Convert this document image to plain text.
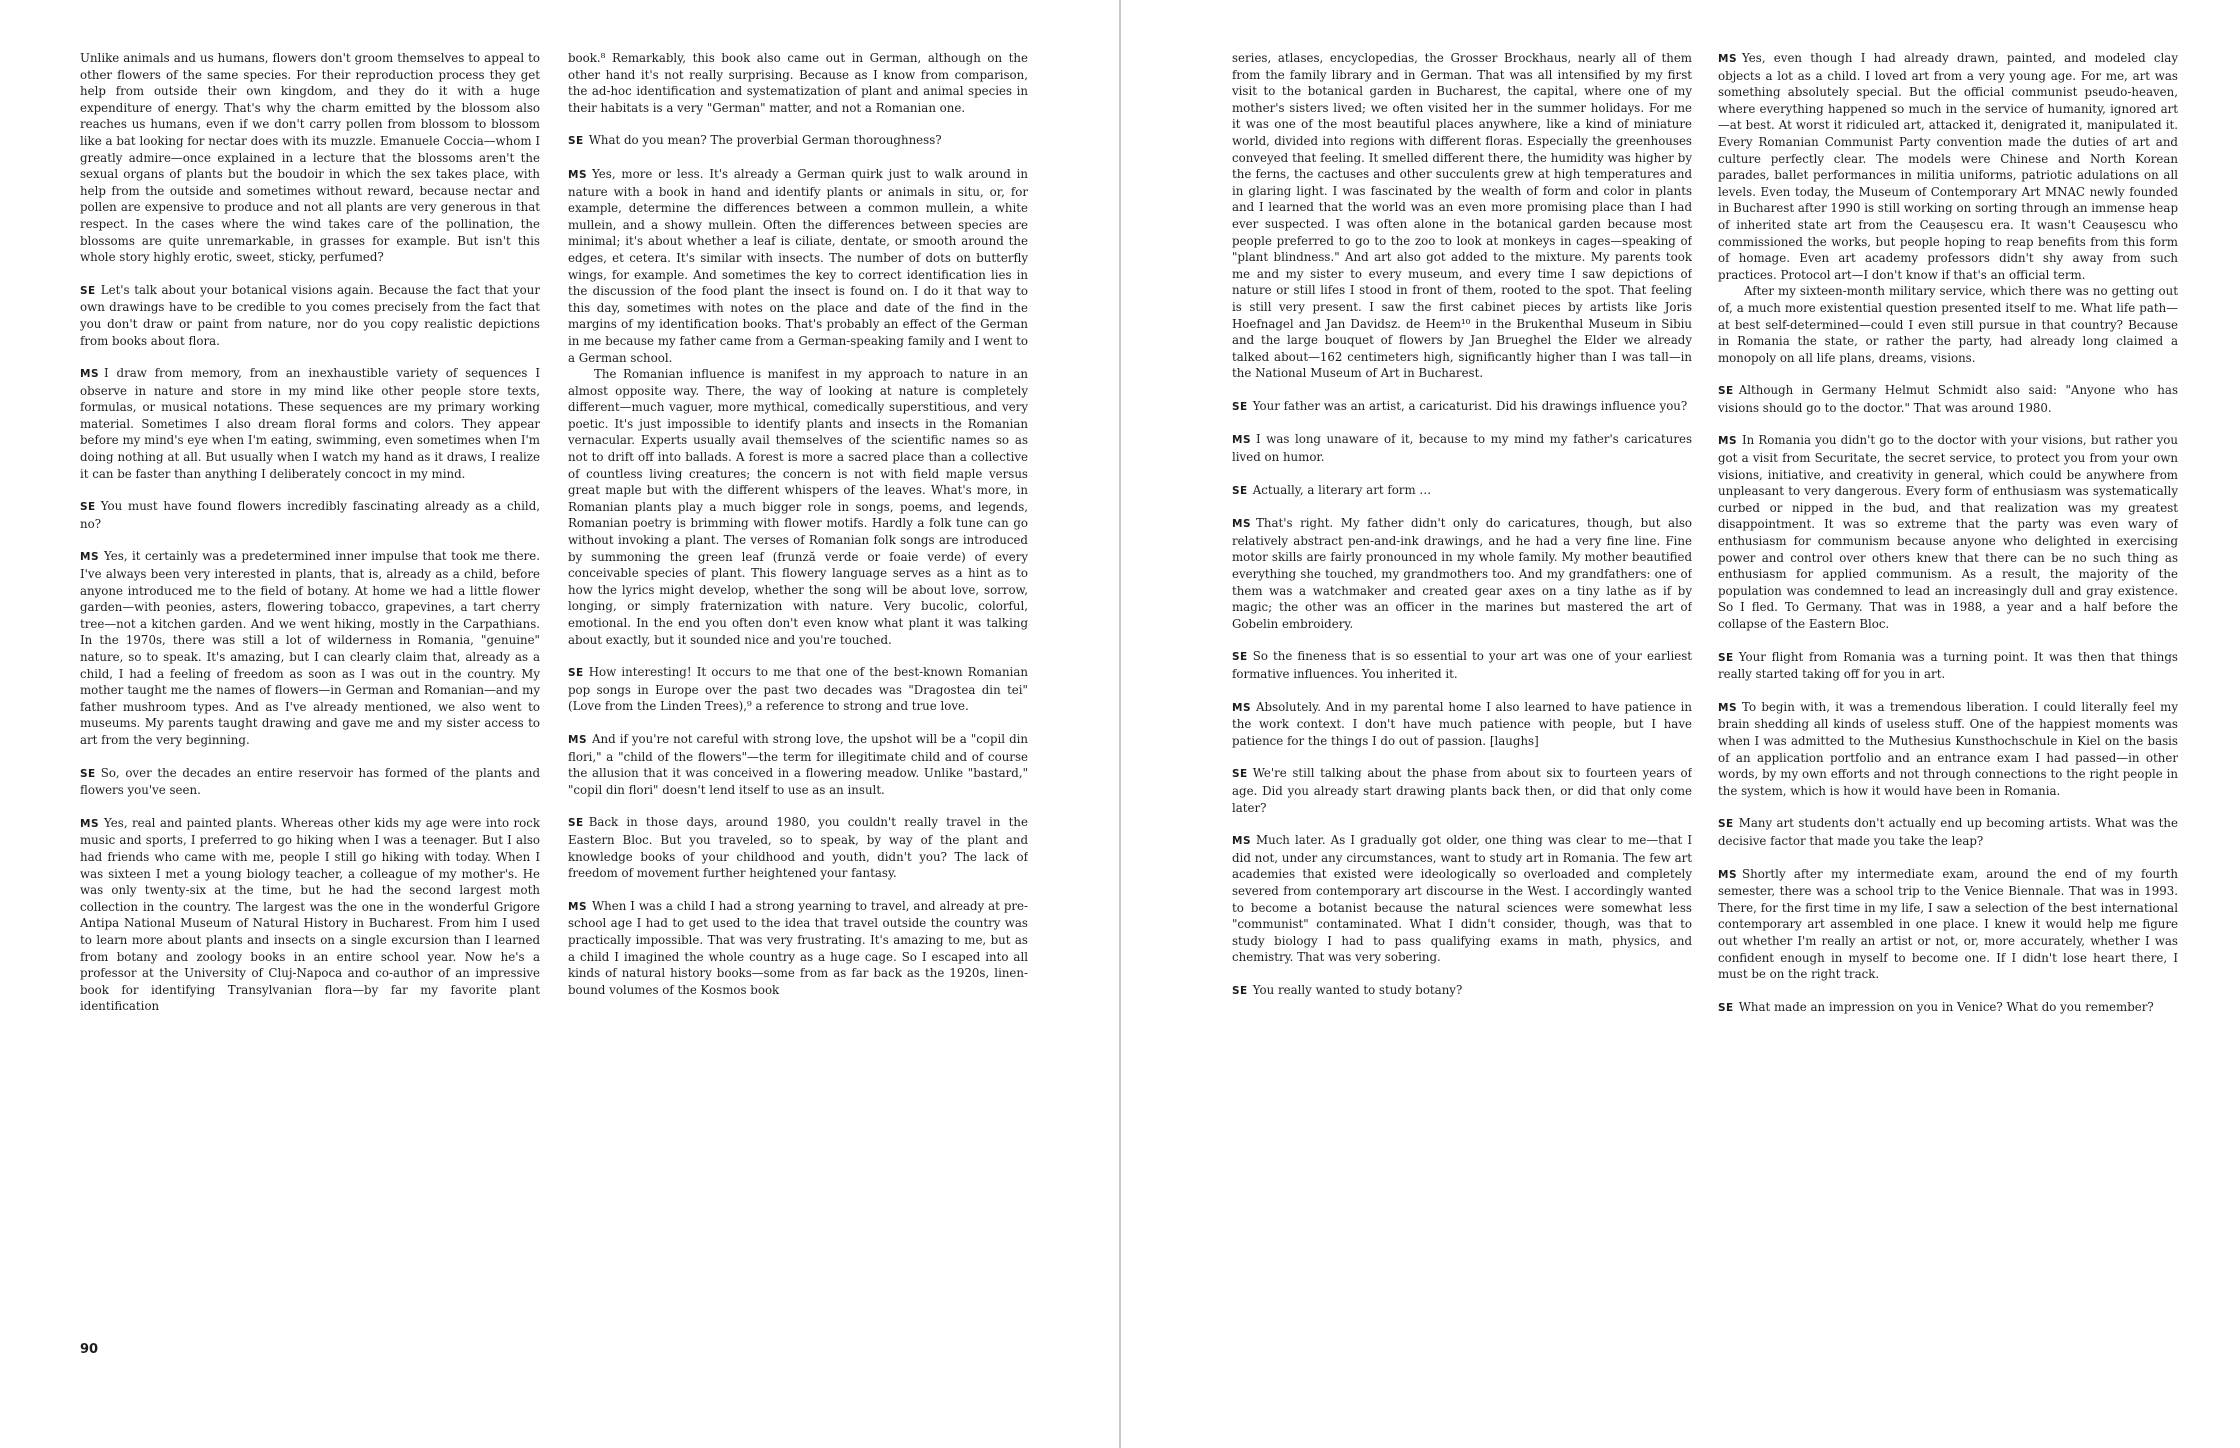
Unlike animals and us humans, flowers don't groom themselves to appeal to other flowers of the same species. For their reproduction process they get help from outside their own kingdom, and they do it with a huge expenditure of energy. That's why the charm emitted by the blossom also reaches us humans, even if we don't carry pollen from blossom to blossom like a bat looking for nectar does with its muzzle. Emanuele Coccia—whom I greatly admire—once explained in a lecture that the blossoms aren't the sexual organs of plants but the boudoir in which the sex takes place, with help from the outside and sometimes without reward, because nectar and pollen are expensive to produce and not all plants are very generous in that respect. In the cases where the wind takes care of the pollination, the blossoms are quite unremarkable, in grasses for example. But isn't this whole story highly erotic, sweet, sticky, perfumed?

SE Let's talk about your botanical visions again. Because the fact that your own drawings have to be credible to you comes precisely from the fact that you don't draw or paint from nature, nor do you copy realistic depictions from books about flora.

MS I draw from memory, from an inexhaustible variety of sequences I observe in nature and store in my mind like other people store texts, formulas, or musical notations. These sequences are my primary working material. Sometimes I also dream floral forms and colors. They appear before my mind's eye when I'm eating, swimming, even sometimes when I'm doing nothing at all. But usually when I watch my hand as it draws, I realize it can be faster than anything I deliberately concoct in my mind.

SE You must have found flowers incredibly fascinating already as a child, no?

MS Yes, it certainly was a predetermined inner impulse that took me there. I've always been very interested in plants, that is, already as a child, before anyone introduced me to the field of botany. At home we had a little flower garden—with peonies, asters, flowering tobacco, grapevines, a tart cherry tree—not a kitchen garden. And we went hiking, mostly in the Carpathians. In the 1970s, there was still a lot of wilderness in Romania, "genuine" nature, so to speak. It's amazing, but I can clearly claim that, already as a child, I had a feeling of freedom as soon as I was out in the country. My mother taught me the names of flowers—in German and Romanian—and my father mushroom types. And as I've already mentioned, we also went to museums. My parents taught drawing and gave me and my sister access to art from the very beginning.

SE So, over the decades an entire reservoir has formed of the plants and flowers you've seen.

MS Yes, real and painted plants. Whereas other kids my age were into rock music and sports, I preferred to go hiking when I was a teenager. But I also had friends who came with me, people I still go hiking with today. When I was sixteen I met a young biology teacher, a colleague of my mother's. He was only twenty-six at the time, but he had the second largest moth collection in the country. The largest was the one in the wonderful Grigore Antipa National Museum of Natural History in Bucharest. From him I used to learn more about plants and insects on a single excursion than I learned from botany and zoology books in an entire school year. Now he's a professor at the University of Cluj-Napoca and co-author of an impressive book for identifying Transylvanian flora—by far my favorite plant identification

book.⁸ Remarkably, this book also came out in German, although on the other hand it's not really surprising. Because as I know from comparison, the ad-hoc identification and systematization of plant and animal species in their habitats is a very "German" matter, and not a Romanian one.

SE What do you mean? The proverbial German thoroughness?

MS Yes, more or less. It's already a German quirk just to walk around in nature with a book in hand and identify plants or animals in situ, or, for example, determine the differences between a common mullein, a white mullein, and a showy mullein. Often the differences between species are minimal; it's about whether a leaf is ciliate, dentate, or smooth around the edges, et cetera. It's similar with insects. The number of dots on butterfly wings, for example. And sometimes the key to correct identification lies in the discussion of the food plant the insect is found on. I do it that way to this day, sometimes with notes on the place and date of the find in the margins of my identification books. That's probably an effect of the German in me because my father came from a German-speaking family and I went to a German school.

The Romanian influence is manifest in my approach to nature in an almost opposite way. There, the way of looking at nature is completely different—much vaguer, more mythical, comedically superstitious, and very poetic. It's just impossible to identify plants and insects in the Romanian vernacular. Experts usually avail themselves of the scientific names so as not to drift off into ballads. A forest is more a sacred place than a collective of countless living creatures; the concern is not with field maple versus great maple but with the different whispers of the leaves. What's more, in Romanian plants play a much bigger role in songs, poems, and legends, Romanian poetry is brimming with flower motifs. Hardly a folk tune can go without invoking a plant. The verses of Romanian folk songs are introduced by summoning the green leaf (frunză verde or foaie verde) of every conceivable species of plant. This flowery language serves as a hint as to how the lyrics might develop, whether the song will be about love, sorrow, longing, or simply fraternization with nature. Very bucolic, colorful, emotional. In the end you often don't even know what plant it was talking about exactly, but it sounded nice and you're touched.

SE How interesting! It occurs to me that one of the best-known Romanian pop songs in Europe over the past two decades was "Dragostea din tei" (Love from the Linden Trees),⁹ a reference to strong and true love.

MS And if you're not careful with strong love, the upshot will be a "copil din flori," a "child of the flowers"—the term for illegitimate child and of course the allusion that it was conceived in a flowering meadow. Unlike "bastard," "copil din flori" doesn't lend itself to use as an insult.

SE Back in those days, around 1980, you couldn't really travel in the Eastern Bloc. But you traveled, so to speak, by way of the plant and knowledge books of your childhood and youth, didn't you? The lack of freedom of movement further heightened your fantasy.

MS When I was a child I had a strong yearning to travel, and already at pre-school age I had to get used to the idea that travel outside the country was practically impossible. That was very frustrating. It's amazing to me, but as a child I imagined the whole country as a huge cage. So I escaped into all kinds of natural history books—some from as far back as the 1920s, linen-bound volumes of the Kosmos book

90

series, atlases, encyclopedias, the Grosser Brockhaus, nearly all of them from the family library and in German. That was all intensified by my first visit to the botanical garden in Bucharest, the capital, where one of my mother's sisters lived; we often visited her in the summer holidays. For me it was one of the most beautiful places anywhere, like a kind of miniature world, divided into regions with different floras. Especially the greenhouses conveyed that feeling. It smelled different there, the humidity was higher by the ferns, the cactuses and other succulents grew at high temperatures and in glaring light. I was fascinated by the wealth of form and color in plants and I learned that the world was an even more promising place than I had ever suspected. I was often alone in the botanical garden because most people preferred to go to the zoo to look at monkeys in cages—speaking of "plant blindness." And art also got added to the mixture. My parents took me and my sister to every museum, and every time I saw depictions of nature or still lifes I stood in front of them, rooted to the spot. That feeling is still very present. I saw the first cabinet pieces by artists like Joris Hoefnagel and Jan Davidsz. de Heem¹⁰ in the Brukenthal Museum in Sibiu and the large bouquet of flowers by Jan Brueghel the Elder we already talked about—162 centimeters high, significantly higher than I was tall—in the National Museum of Art in Bucharest.

SE Your father was an artist, a caricaturist. Did his drawings influence you?

MS I was long unaware of it, because to my mind my father's caricatures lived on humor.

SE Actually, a literary art form …

MS That's right. My father didn't only do caricatures, though, but also relatively abstract pen-and-ink drawings, and he had a very fine line. Fine motor skills are fairly pronounced in my whole family. My mother beautified everything she touched, my grandmothers too. And my grandfathers: one of them was a watchmaker and created gear axes on a tiny lathe as if by magic; the other was an officer in the marines but mastered the art of Gobelin embroidery.

SE So the fineness that is so essential to your art was one of your earliest formative influences. You inherited it.

MS Absolutely. And in my parental home I also learned to have patience in the work context. I don't have much patience with people, but I have patience for the things I do out of passion. [laughs]

SE We're still talking about the phase from about six to fourteen years of age. Did you already start drawing plants back then, or did that only come later?

MS Much later. As I gradually got older, one thing was clear to me—that I did not, under any circumstances, want to study art in Romania. The few art academies that existed were ideologically so overloaded and completely severed from contemporary art discourse in the West. I accordingly wanted to become a botanist because the natural sciences were somewhat less "communist" contaminated. What I didn't consider, though, was that to study biology I had to pass qualifying exams in math, physics, and chemistry. That was very sobering.

SE You really wanted to study botany?

MS Yes, even though I had already drawn, painted, and modeled clay objects a lot as a child. I loved art from a very young age. For me, art was something absolutely special. But the official communist pseudo-heaven, where everything happened so much in the service of humanity, ignored art—at best. At worst it ridiculed art, attacked it, denigrated it, manipulated it. Every Romanian Communist Party convention made the duties of art and culture perfectly clear. The models were Chinese and North Korean parades, ballet performances in militia uniforms, patriotic adulations on all levels. Even today, the Museum of Contemporary Art MNAC newly founded in Bucharest after 1990 is still working on sorting through an immense heap of inherited state art from the Ceaușescu era. It wasn't Ceaușescu who commissioned the works, but people hoping to reap benefits from this form of homage. Even art academy professors didn't shy away from such practices. Protocol art—I don't know if that's an official term.

After my sixteen-month military service, which there was no getting out of, a much more existential question presented itself to me. What life path—at best self-determined—could I even still pursue in that country? Because in Romania the state, or rather the party, had already long claimed a monopoly on all life plans, dreams, visions.

SE Although in Germany Helmut Schmidt also said: "Anyone who has visions should go to the doctor." That was around 1980.

MS In Romania you didn't go to the doctor with your visions, but rather you got a visit from Securitate, the secret service, to protect you from your own visions, initiative, and creativity in general, which could be anywhere from unpleasant to very dangerous. Every form of enthusiasm was systematically curbed or nipped in the bud, and that realization was my greatest disappointment. It was so extreme that the party was even wary of enthusiasm for communism because anyone who delighted in exercising power and control over others knew that there can be no such thing as enthusiasm for applied communism. As a result, the majority of the population was condemned to lead an increasingly dull and gray existence. So I fled. To Germany. That was in 1988, a year and a half before the collapse of the Eastern Bloc.

SE Your flight from Romania was a turning point. It was then that things really started taking off for you in art.

MS To begin with, it was a tremendous liberation. I could literally feel my brain shedding all kinds of useless stuff. One of the happiest moments was when I was admitted to the Muthesius Kunsthochschule in Kiel on the basis of an application portfolio and an entrance exam I had passed—in other words, by my own efforts and not through connections to the right people in the system, which is how it would have been in Romania.

SE Many art students don't actually end up becoming artists. What was the decisive factor that made you take the leap?

MS Shortly after my intermediate exam, around the end of my fourth semester, there was a school trip to the Venice Biennale. That was in 1993. There, for the first time in my life, I saw a selection of the best international contemporary art assembled in one place. I knew it would help me figure out whether I'm really an artist or not, or, more accurately, whether I was confident enough in myself to become one. If I didn't lose heart there, I must be on the right track.

SE What made an impression on you in Venice? What do you remember?
